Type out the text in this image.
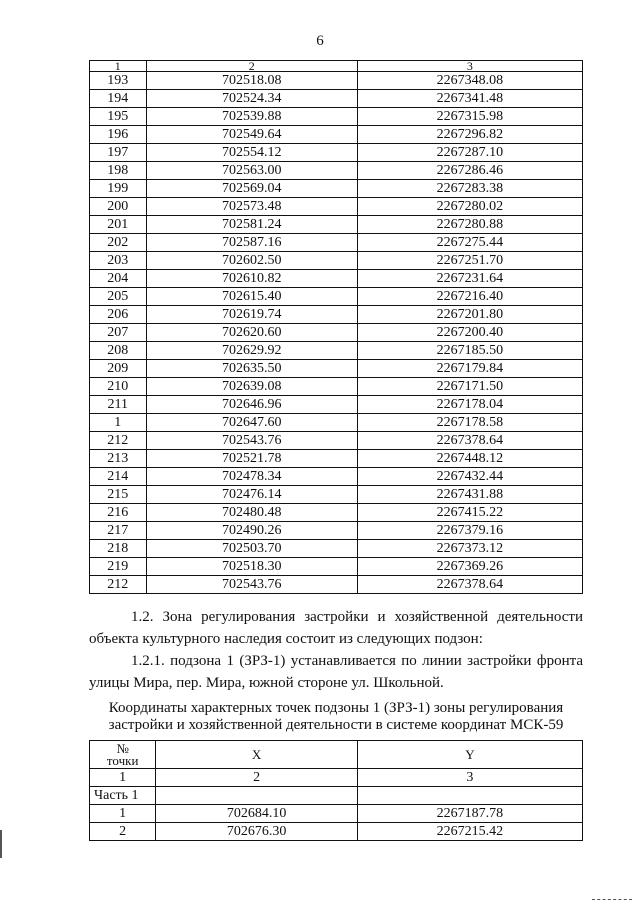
6
1	2	3
193	702518.08	2267348.08
194	702524.34	2267341.48
195	702539.88	2267315.98
196	702549.64	2267296.82
197	702554.12	2267287.10
198	702563.00	2267286.46
199	702569.04	2267283.38
200	702573.48	2267280.02
201	702581.24	2267280.88
202	702587.16	2267275.44
203	702602.50	2267251.70
204	702610.82	2267231.64
205	702615.40	2267216.40
206	702619.74	2267201.80
207	702620.60	2267200.40
208	702629.92	2267185.50
209	702635.50	2267179.84
210	702639.08	2267171.50
211	702646.96	2267178.04
1	702647.60	2267178.58
212	702543.76	2267378.64
213	702521.78	2267448.12
214	702478.34	2267432.44
215	702476.14	2267431.88
216	702480.48	2267415.22
217	702490.26	2267379.16
218	702503.70	2267373.12
219	702518.30	2267369.26
212	702543.76	2267378.64
1.2. Зона регулирования застройки и хозяйственной деятельности объекта культурного наследия состоит из следующих подзон:
1.2.1. подзона 1 (ЗРЗ-1) устанавливается по линии застройки фронта улицы Мира, пер. Мира, южной стороне ул. Школьной.
Координаты характерных точек подзоны 1 (ЗРЗ-1) зоны регулирования
застройки и хозяйственной деятельности в системе координат МСК-59
№
точки	X	Y
1	2	3
Часть 1		
1	702684.10	2267187.78
2	702676.30	2267215.42
